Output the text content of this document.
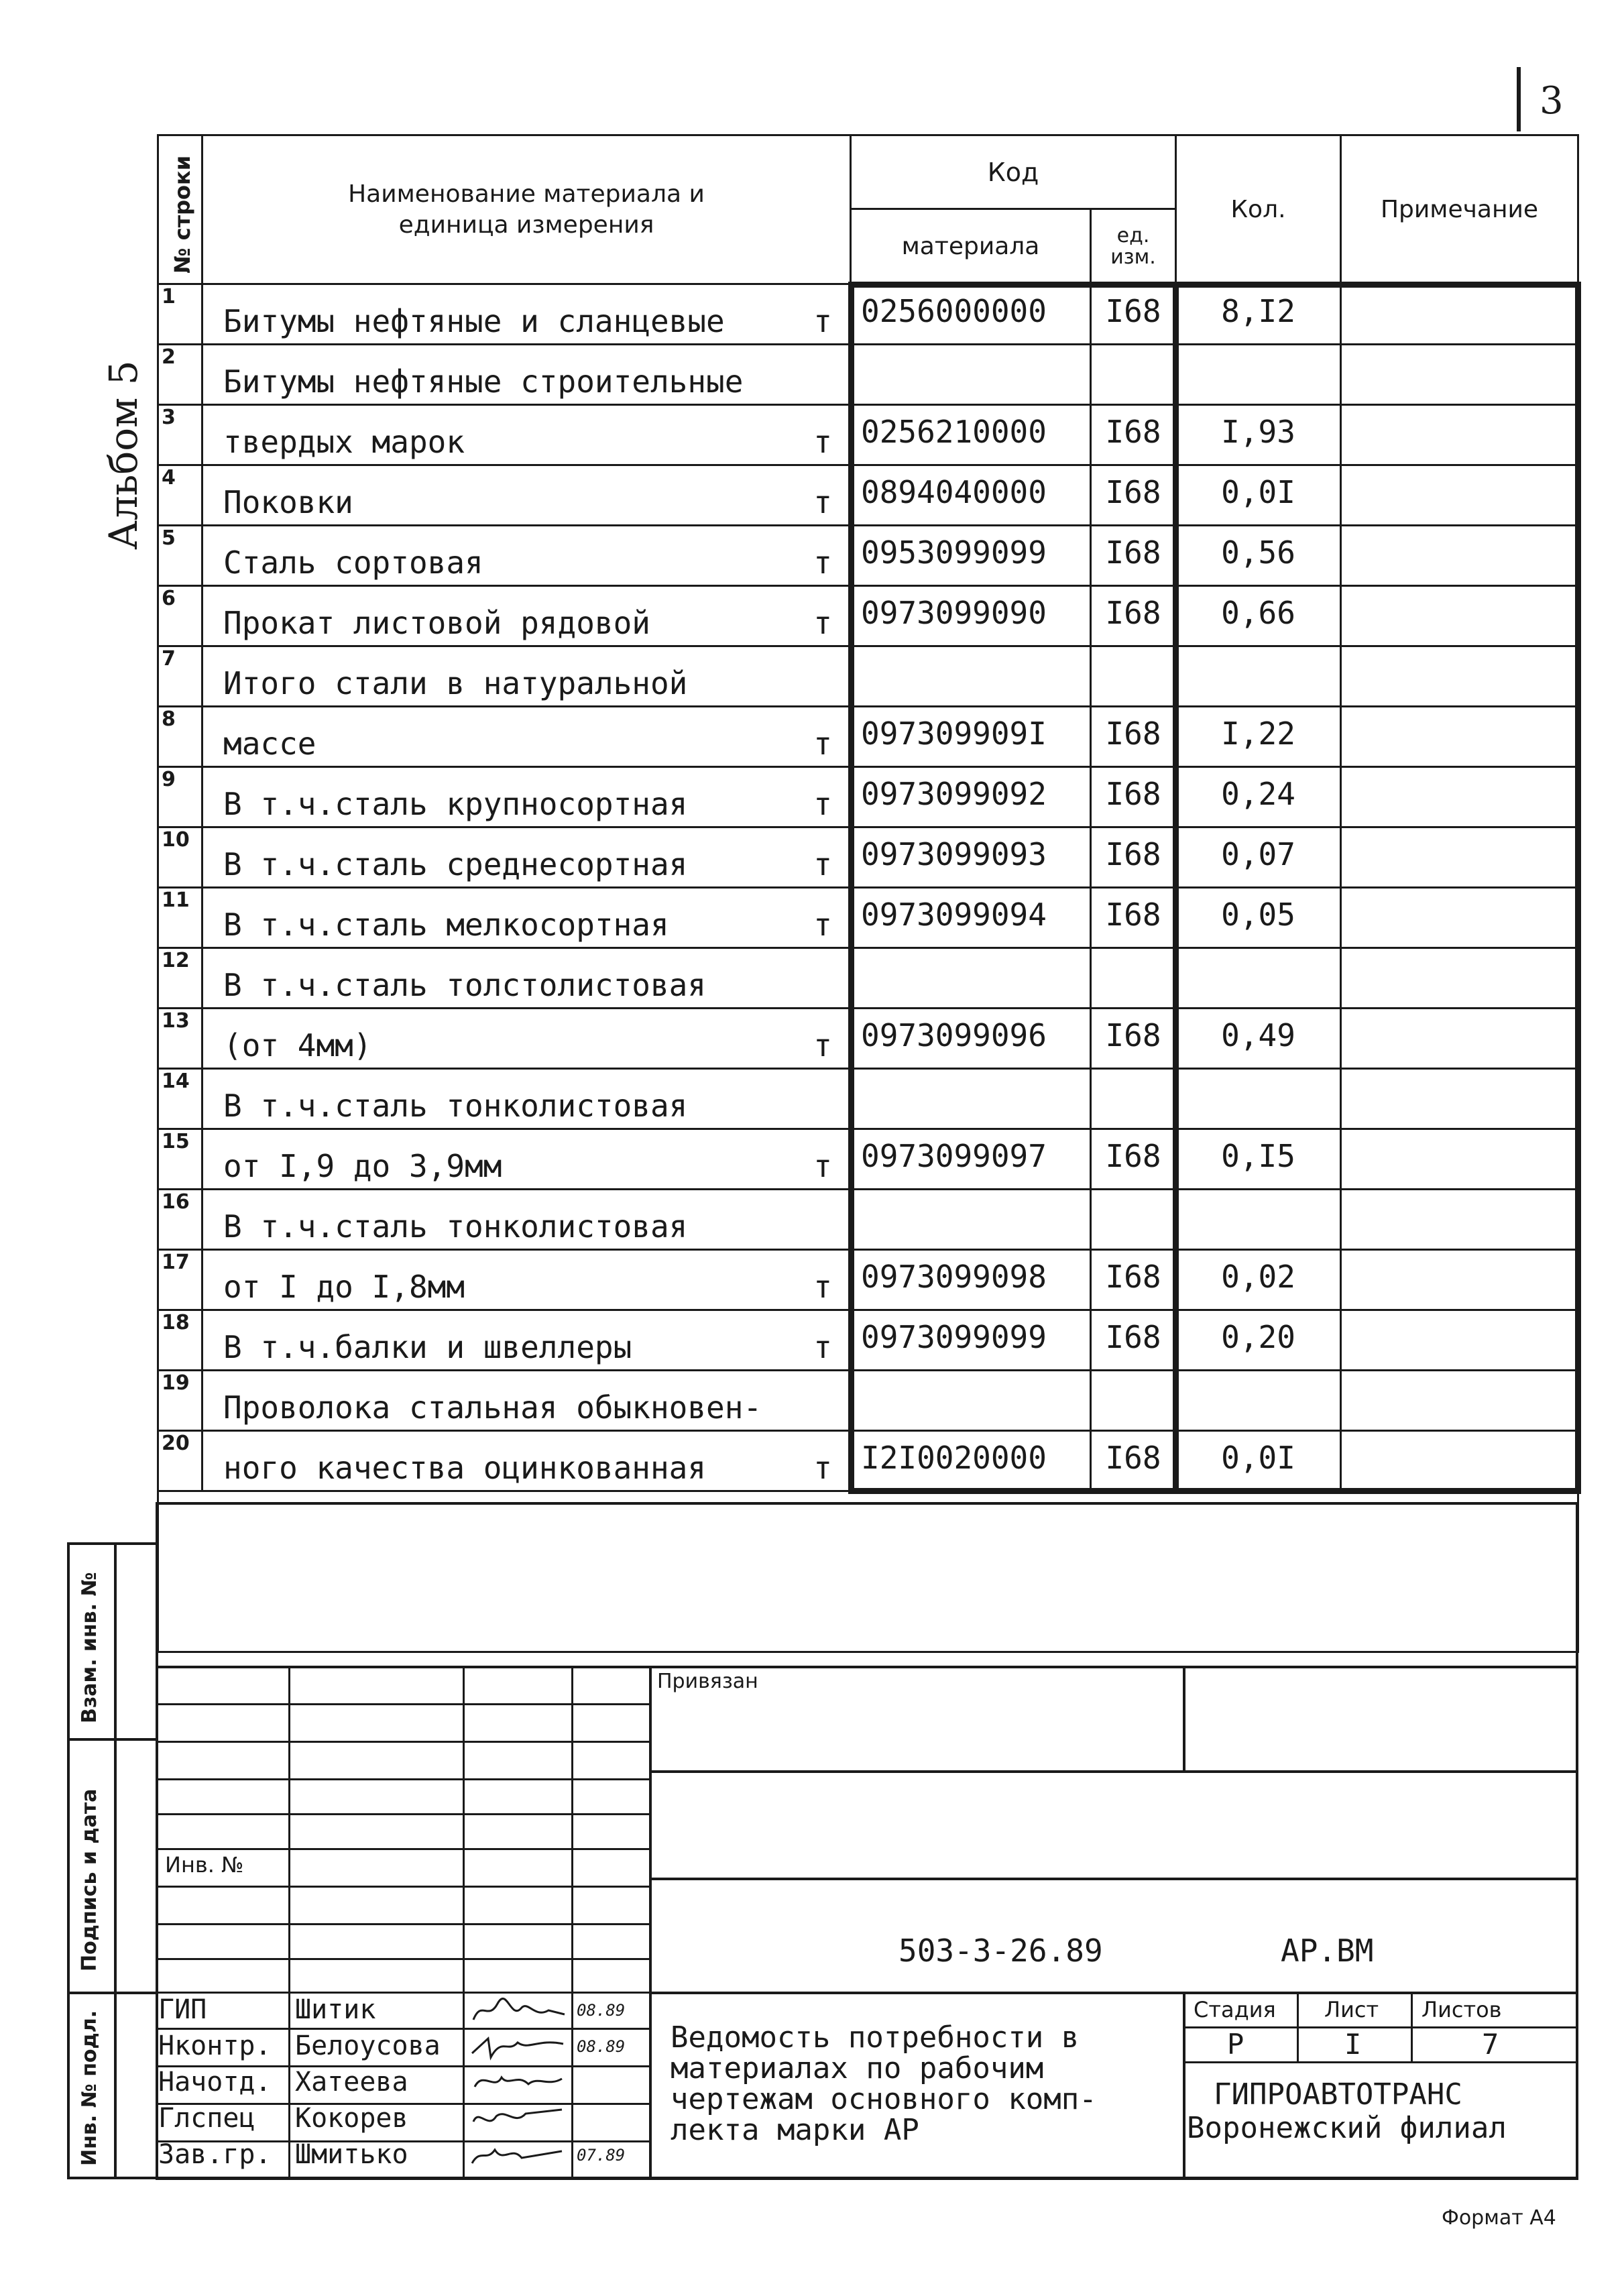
3
Альбом 5
№ строки	Наименование материала и
единица измерения	Код		Кол.	Примечание
		материала	ед.
изм.		

1	Битумы нефтяные и сланцевые т	0256000000	I68	8,I2	
2	Битумы нефтяные строительные				

3	твердых марок т	0256210000	I68	I,93	
4	Поковки т	0894040000	I68	0,0I	
5	Сталь сортовая т	0953099099	I68	0,56	
6	Прокат листовой рядовой т	0973099090	I68	0,66	
7	Итого стали в натуральной				

8	массе т	097309909I	I68	I,22	
9	В т.ч.сталь крупносортная т	0973099092	I68	0,24	
10	В т.ч.сталь среднесортная т	0973099093	I68	0,07	
11	В т.ч.сталь мелкосортная т	0973099094	I68	0,05	
12	В т.ч.сталь толстолистовая				

13	(от 4мм) т	0973099096	I68	0,49	
14	В т.ч.сталь тонколистовая				

15	от I,9 до 3,9мм т	0973099097	I68	0,I5	
16	В т.ч.сталь тонколистовая				

17	от I до I,8мм т	0973099098	I68	0,02	
18	В т.ч.балки и швеллеры т	0973099099	I68	0,20	
19	Проволока стальная обыкновен-				

20	ного качества оцинкованная т	I2I0020000	I68	0,0I	

Взам. инв. №
Подпись и дата
Инв. № подл.
ГИП	Шитик	08.89
Нконтр. Белоусова	08.89
Начотд. Хатеева
Глспец Кокорев
Зав.гр. Шмитько	07.89
Привязан
Инв. №
503-3-26.89	АР.ВМ
Ведомость потребности в
материалах по рабочим
чертежам основного комп-
лекта марки АР
Стадия Лист Листов
Р	I	7
ГИПРОАВТОТРАНС
Воронежский филиал
Формат А4
